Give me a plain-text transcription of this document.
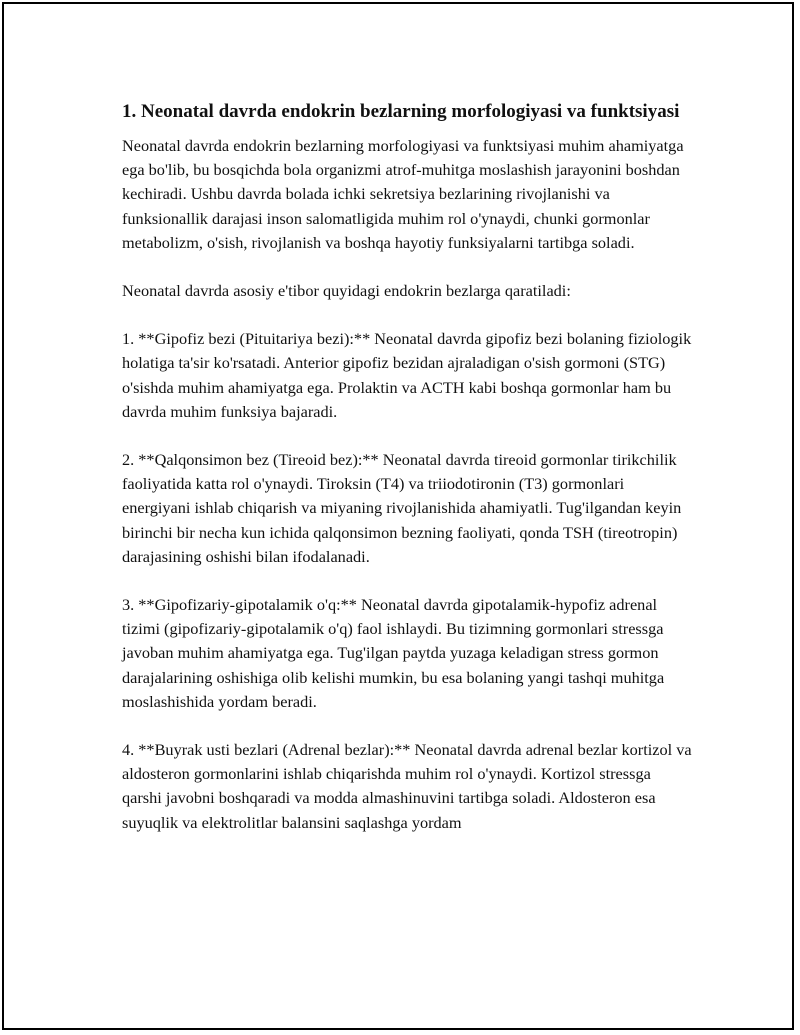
1. Neonatal davrda endokrin bezlarning morfologiyasi va funktsiyasi

Neonatal davrda endokrin bezlarning morfologiyasi va funktsiyasi muhim ahamiyatga ega bo'lib, bu bosqichda bola organizmi atrof-muhitga moslashish jarayonini boshdan kechiradi. Ushbu davrda bolada ichki sekretsiya bezlarining rivojlanishi va funksionallik darajasi inson salomatligida muhim rol o'ynaydi, chunki gormonlar metabolizm, o'sish, rivojlanish va boshqa hayotiy funksiyalarni tartibga soladi.

Neonatal davrda asosiy e'tibor quyidagi endokrin bezlarga qaratiladi:

1. **Gipofiz bezi (Pituitariya bezi):** Neonatal davrda gipofiz bezi bolaning fiziologik holatiga ta'sir ko'rsatadi. Anterior gipofiz bezidan ajraladigan o'sish gormoni (STG) o'sishda muhim ahamiyatga ega. Prolaktin va ACTH kabi boshqa gormonlar ham bu davrda muhim funksiya bajaradi.

2. **Qalqonsimon bez (Tireoid bez):** Neonatal davrda tireoid gormonlar tirikchilik faoliyatida katta rol o'ynaydi. Tiroksin (T4) va triiodotironin (T3) gormonlari energiyani ishlab chiqarish va miyaning rivojlanishida ahamiyatli. Tug'ilgandan keyin birinchi bir necha kun ichida qalqonsimon bezning faoliyati, qonda TSH (tireotropin) darajasining oshishi bilan ifodalanadi.

3. **Gipofizariy-gipotalamik o'q:** Neonatal davrda gipotalamik-hypofiz adrenal tizimi (gipofizariy-gipotalamik o'q) faol ishlaydi. Bu tizimning gormonlari stressga javoban muhim ahamiyatga ega. Tug'ilgan paytda yuzaga keladigan stress gormon darajalarining oshishiga olib kelishi mumkin, bu esa bolaning yangi tashqi muhitga moslashishida yordam beradi.

4. **Buyrak usti bezlari (Adrenal bezlar):** Neonatal davrda adrenal bezlar kortizol va aldosteron gormonlarini ishlab chiqarishda muhim rol o'ynaydi. Kortizol stressga qarshi javobni boshqaradi va modda almashinuvini tartibga soladi. Aldosteron esa suyuqlik va elektrolitlar balansini saqlashga yordam
